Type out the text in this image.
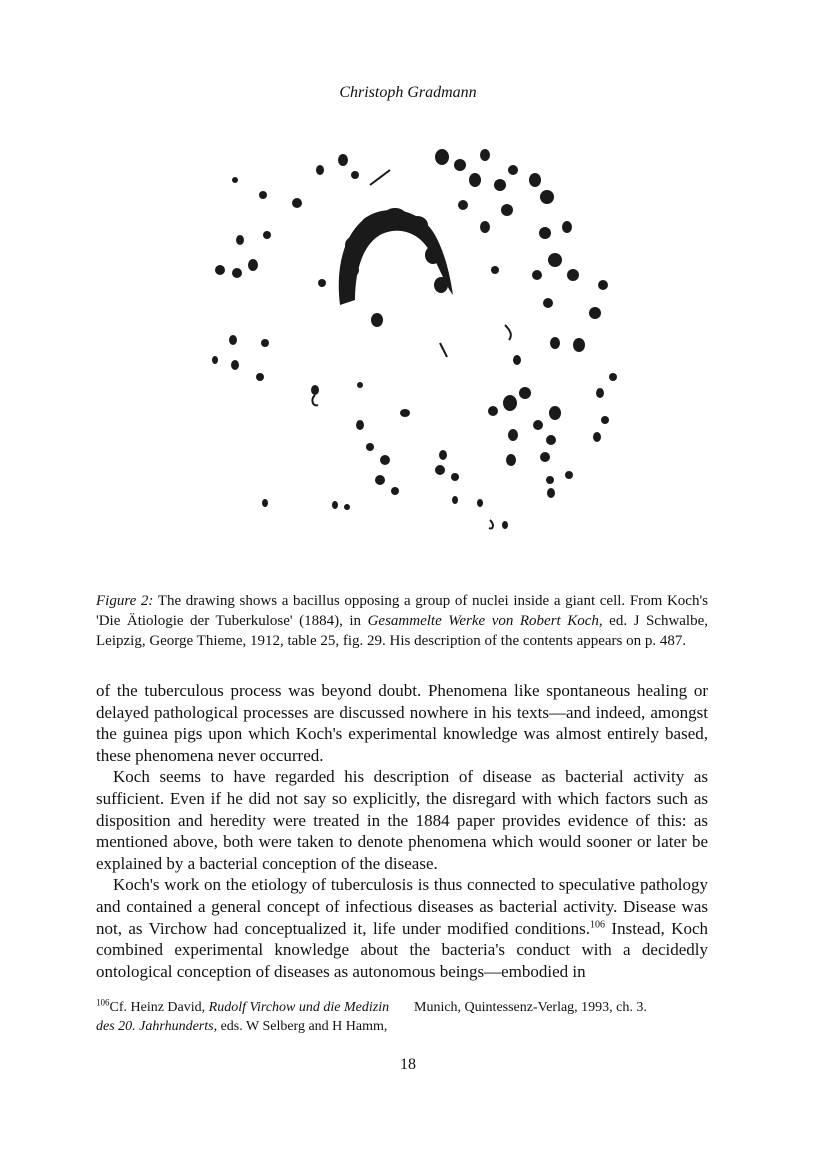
Christoph Gradmann
Figure 2: The drawing shows a bacillus opposing a group of nuclei inside a giant cell. From Koch's 'Die Ätiologie der Tuberkulose' (1884), in Gesammelte Werke von Robert Koch, ed. J Schwalbe, Leipzig, George Thieme, 1912, table 25, fig. 29. His description of the contents appears on p. 487.

of the tuberculous process was beyond doubt. Phenomena like spontaneous healing or delayed pathological processes are discussed nowhere in his texts—and indeed, amongst the guinea pigs upon which Koch's experimental knowledge was almost entirely based, these phenomena never occurred.

Koch seems to have regarded his description of disease as bacterial activity as sufficient. Even if he did not say so explicitly, the disregard with which factors such as disposition and heredity were treated in the 1884 paper provides evidence of this: as mentioned above, both were taken to denote phenomena which would sooner or later be explained by a bacterial conception of the disease.

Koch's work on the etiology of tuberculosis is thus connected to speculative pathology and contained a general concept of infectious diseases as bacterial activity. Disease was not, as Virchow had conceptualized it, life under modified conditions.$^{106}$ Instead, Koch combined experimental knowledge about the bacteria's conduct with a decidedly ontological conception of diseases as autonomous beings—embodied in

$^{106}$Cf. Heinz David, Rudolf Virchow und die Medizin des 20. Jahrhunderts, eds. W Selberg and H Hamm, Munich, Quintessenz-Verlag, 1993, ch. 3.
18
